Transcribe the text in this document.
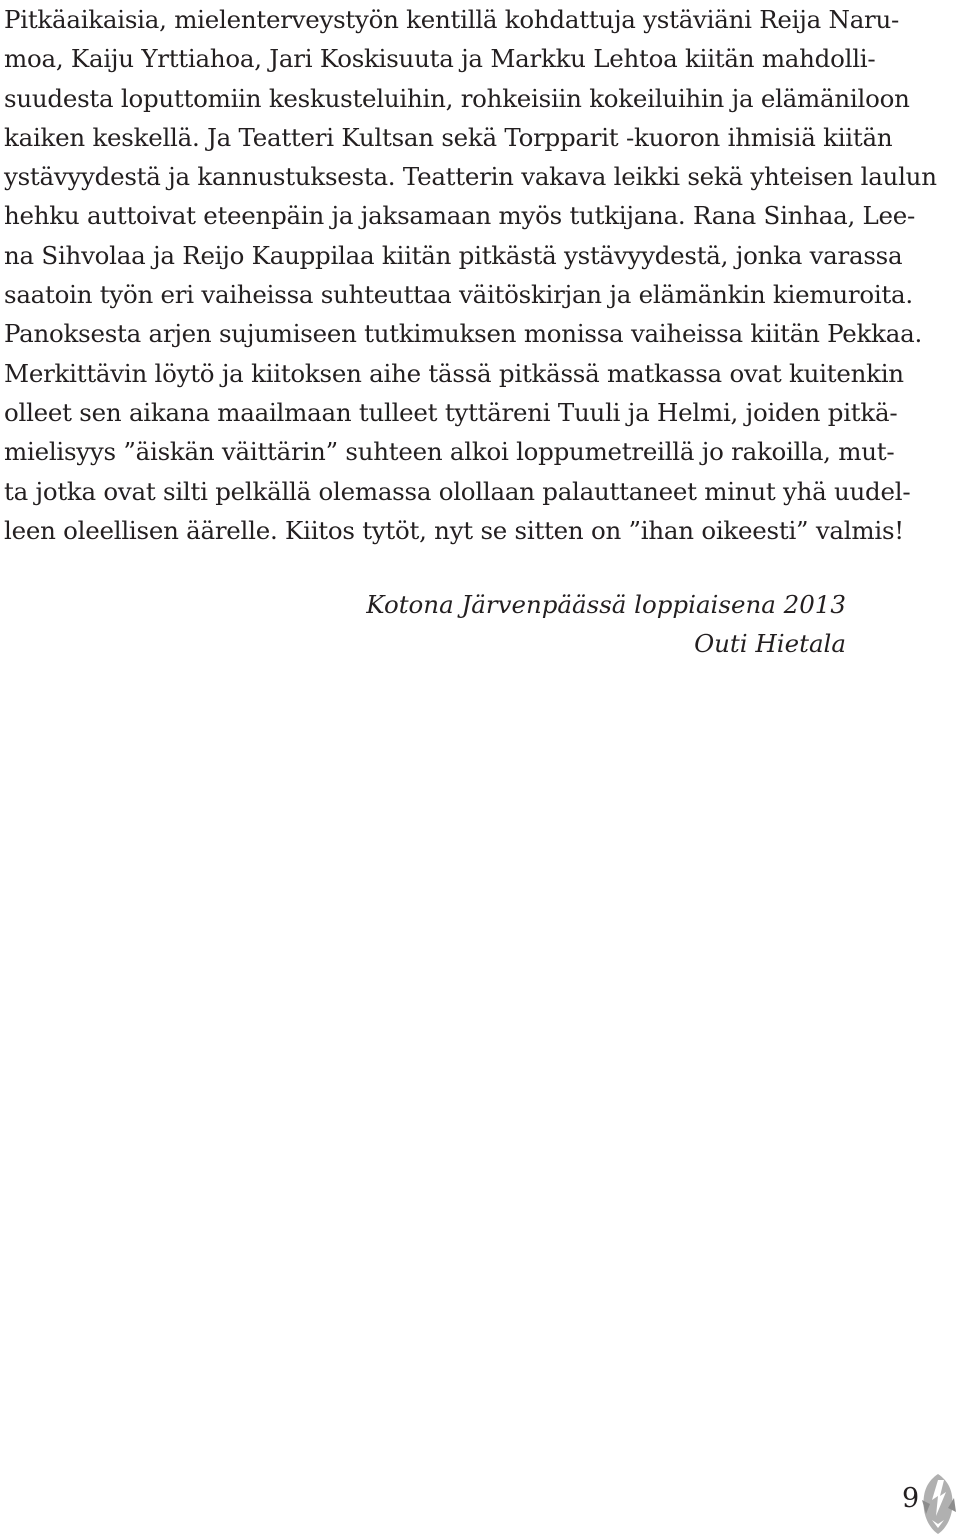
Pitkäaikaisia, mielenterveystyön kentillä kohdattuja ystäviäni Reija Naru-
moa, Kaiju Yrttiahoa, Jari Koskisuuta ja Markku Lehtoa kiitän mahdolli-
suudesta loputtomiin keskusteluihin, rohkeisiin kokeiluihin ja elämäniloon
kaiken keskellä. Ja Teatteri Kultsan sekä Torpparit -kuoron ihmisiä kiitän
ystävyydestä ja kannustuksesta. Teatterin vakava leikki sekä yhteisen laulun
hehku auttoivat eteenpäin ja jaksamaan myös tutkijana. Rana Sinhaa, Lee-
na Sihvolaa ja Reijo Kauppilaa kiitän pitkästä ystävyydestä, jonka varassa
saatoin työn eri vaiheissa suhteuttaa väitöskirjan ja elämänkin kiemuroita.
Panoksesta arjen sujumiseen tutkimuksen monissa vaiheissa kiitän Pekkaa.
Merkittävin löytö ja kiitoksen aihe tässä pitkässä matkassa ovat kuitenkin
olleet sen aikana maailmaan tulleet tyttäreni Tuuli ja Helmi, joiden pitkä-
mielisyys ”äiskän väittärin” suhteen alkoi loppumetreillä jo rakoilla, mut-
ta jotka ovat silti pelkällä olemassa olollaan palauttaneet minut yhä uudel-
leen oleellisen äärelle. Kiitos tytöt, nyt se sitten on ”ihan oikeesti” valmis!
Kotona Järvenpäässä loppiaisena 2013
Outi Hietala
9
